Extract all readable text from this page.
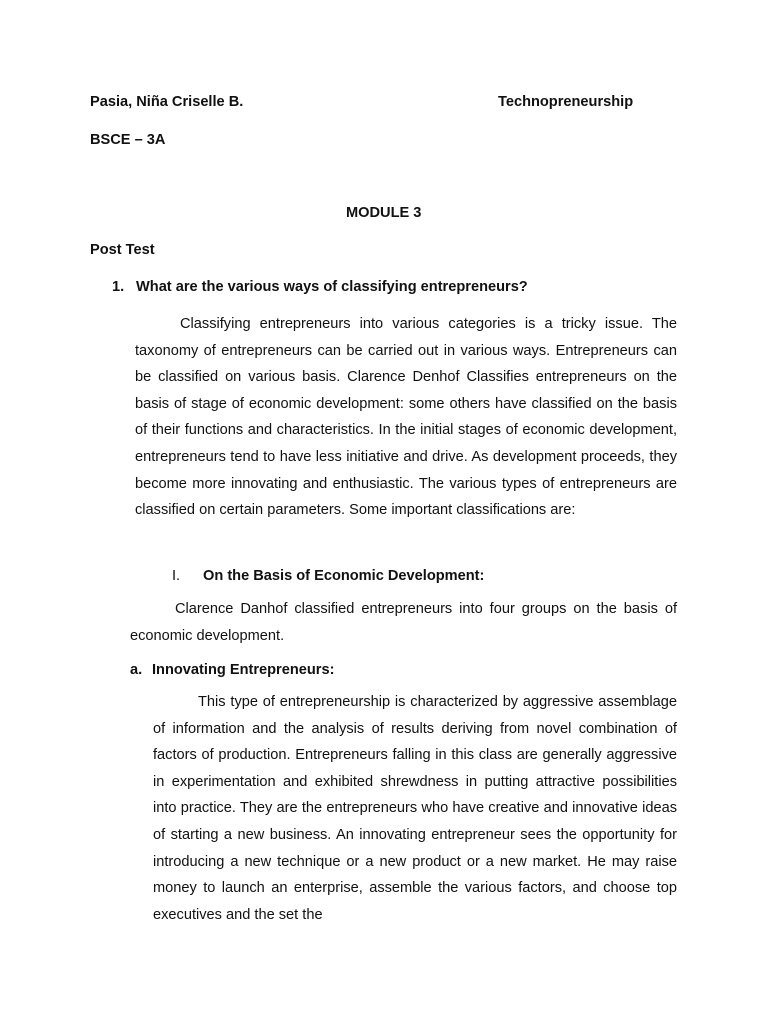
Pasia, Niña Criselle B.	Technopreneurship
BSCE – 3A
MODULE 3
Post Test
1. What are the various ways of classifying entrepreneurs?

Classifying entrepreneurs into various categories is a tricky issue. The taxonomy of entrepreneurs can be carried out in various ways. Entrepreneurs can be classified on various basis. Clarence Denhof Classifies entrepreneurs on the basis of stage of economic development: some others have classified on the basis of their functions and characteristics. In the initial stages of economic development, entrepreneurs tend to have less initiative and drive. As development proceeds, they become more innovating and enthusiastic. The various types of entrepreneurs are classified on certain parameters. Some important classifications are:

I. On the Basis of Economic Development:

Clarence Danhof classified entrepreneurs into four groups on the basis of economic development.

a. Innovating Entrepreneurs:

This type of entrepreneurship is characterized by aggressive assemblage of information and the analysis of results deriving from novel combination of factors of production. Entrepreneurs falling in this class are generally aggressive in experimentation and exhibited shrewdness in putting attractive possibilities into practice. They are the entrepreneurs who have creative and innovative ideas of starting a new business. An innovating entrepreneur sees the opportunity for introducing a new technique or a new product or a new market. He may raise money to launch an enterprise, assemble the various factors, and choose top executives and the set the
